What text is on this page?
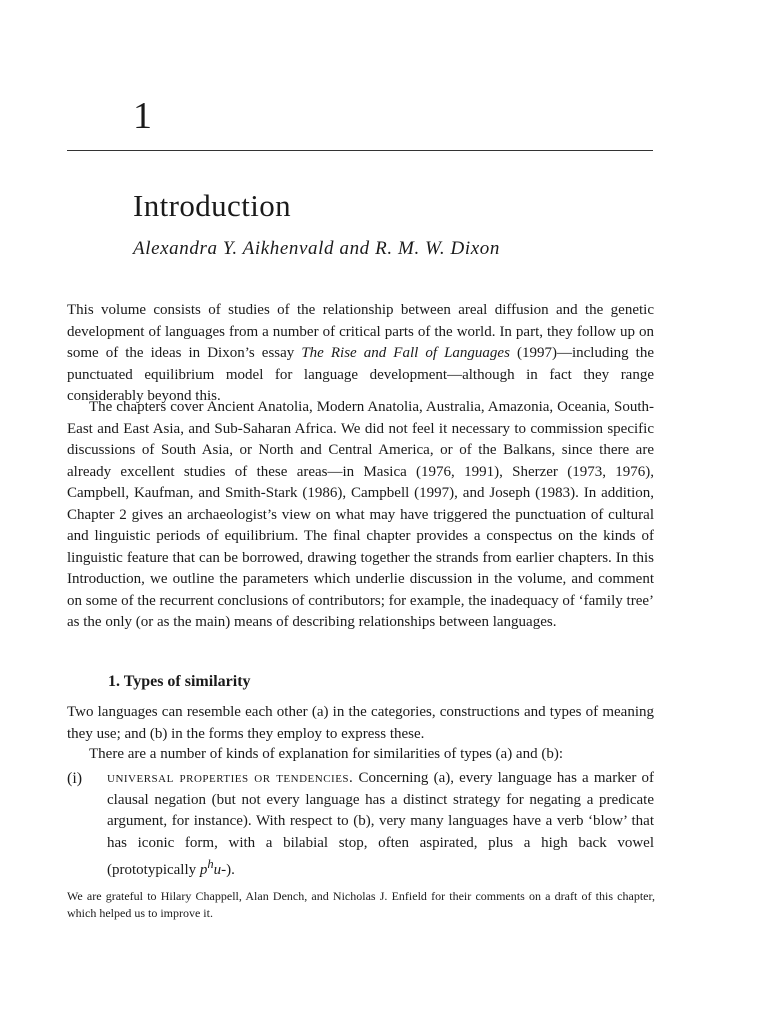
1
Introduction

Alexandra Y. Aikhenvald and R. M. W. Dixon

This volume consists of studies of the relationship between areal diffusion and the genetic development of languages from a number of critical parts of the world. In part, they follow up on some of the ideas in Dixon’s essay The Rise and Fall of Languages (1997)—including the punctuated equilibrium model for language development—although in fact they range considerably beyond this.

The chapters cover Ancient Anatolia, Modern Anatolia, Australia, Amazonia, Oceania, South-East and East Asia, and Sub-Saharan Africa. We did not feel it necessary to commission specific discussions of South Asia, or North and Central America, or of the Balkans, since there are already excellent studies of these areas—in Masica (1976, 1991), Sherzer (1973, 1976), Campbell, Kaufman, and Smith-Stark (1986), Campbell (1997), and Joseph (1983). In addition, Chapter 2 gives an archaeologist’s view on what may have triggered the punctuation of cultural and linguistic periods of equilibrium. The final chapter provides a conspectus on the kinds of linguistic feature that can be borrowed, drawing together the strands from earlier chapters. In this Introduction, we outline the parameters which underlie discussion in the volume, and comment on some of the recurrent conclusions of contributors; for example, the inadequacy of ‘family tree’ as the only (or as the main) means of describing relationships between languages.

1. Types of similarity

Two languages can resemble each other (a) in the categories, constructions and types of meaning they use; and (b) in the forms they employ to express these.

There are a number of kinds of explanation for similarities of types (a) and (b):

(i) universal properties or tendencies. Concerning (a), every language has a marker of clausal negation (but not every language has a distinct strategy for negating a predicate argument, for instance). With respect to (b), very many languages have a verb ‘blow’ that has iconic form, with a bilabial stop, often aspirated, plus a high back vowel (prototypically $p^hu-$).

We are grateful to Hilary Chappell, Alan Dench, and Nicholas J. Enfield for their comments on a draft of this chapter, which helped us to improve it.
